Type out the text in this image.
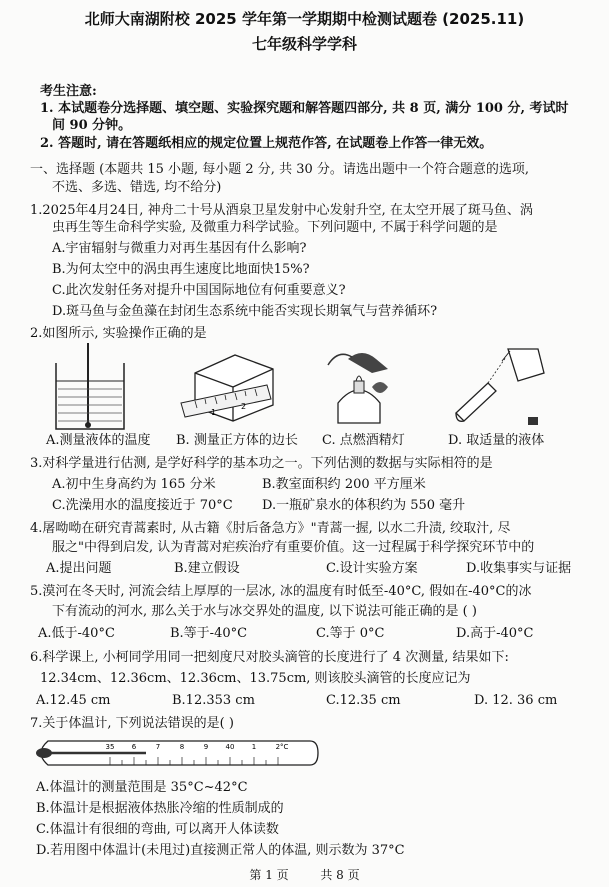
北师大南湖附校 2025 学年第一学期期中检测试题卷 (2025.11)
七年级科学学科
考生注意:
1. 本试题卷分选择题、填空题、实验探究题和解答题四部分, 共 8 页, 满分 100 分, 考试时
间 90 分钟。
2. 答题时, 请在答题纸相应的规定位置上规范作答, 在试题卷上作答一律无效。
一、选择题 (本题共 15 小题, 每小题 2 分, 共 30 分。请选出题中一个符合题意的选项,
不选、多选、错选, 均不给分)
1.2025年4月24日, 神舟二十号从酒泉卫星发射中心发射升空, 在太空开展了斑马鱼、涡
虫再生等生命科学实验, 及微重力科学试验。下列问题中, 不属于科学问题的是
A.宇宙辐射与微重力对再生基因有什么影响?
B.为何太空中的涡虫再生速度比地面快15%?
C.此次发射任务对提升中国国际地位有何重要意义?
D.斑马鱼与金鱼藻在封闭生态系统中能否实现长期氧气与营养循环?
2.如图所示, 实验操作正确的是
1
2
A.测量液体的温度 B. 测量正方体的边长 C. 点燃酒精灯	D. 取适量的液体
3.对科学量进行估测, 是学好科学的基本功之一。下列估测的数据与实际相符的是
A.初中生身高约为 165 分米	B.教室面积约 200 平方厘米
C.洗澡用水的温度接近于 70°C D.一瓶矿泉水的体积约为 550 毫升
4.屠呦呦在研究青蒿素时, 从古籍《肘后备急方》"青蒿一握, 以水二升渍, 绞取汁, 尽
服之"中得到启发, 认为青蒿对疟疾治疗有重要价值。这一过程属于科学探究环节中的
A.提出问题	B.建立假设	C.设计实验方案	D.收集事实与证据
5.漠河在冬天时, 河流会结上厚厚的一层冰, 冰的温度有时低至-40°C, 假如在-40°C的冰
下有流动的河水, 那么关于水与冰交界处的温度, 以下说法可能正确的是 ( )
A.低于-40°C	B.等于-40°C	C.等于 0°C	D.高于-40°C
6.科学课上, 小柯同学用同一把刻度尺对胶头滴管的长度进行了 4 次测量, 结果如下:
12.34cm、12.36cm、12.36cm、13.75cm, 则该胶头滴管的长度应记为
A.12.45 cm	B.12.353 cm	C.12.35 cm	D. 12. 36 cm
7.关于体温计, 下列说法错误的是( )
35 6	7	8	9 40 1	2°C
A.体温计的测量范围是 35°C~42°C
B.体温计是根据液体热胀冷缩的性质制成的
C.体温计有很细的弯曲, 可以离开人体读数
D.若用图中体温计(未甩过)直接测正常人的体温, 则示数为 37°C
第 1 页	共 8 页
